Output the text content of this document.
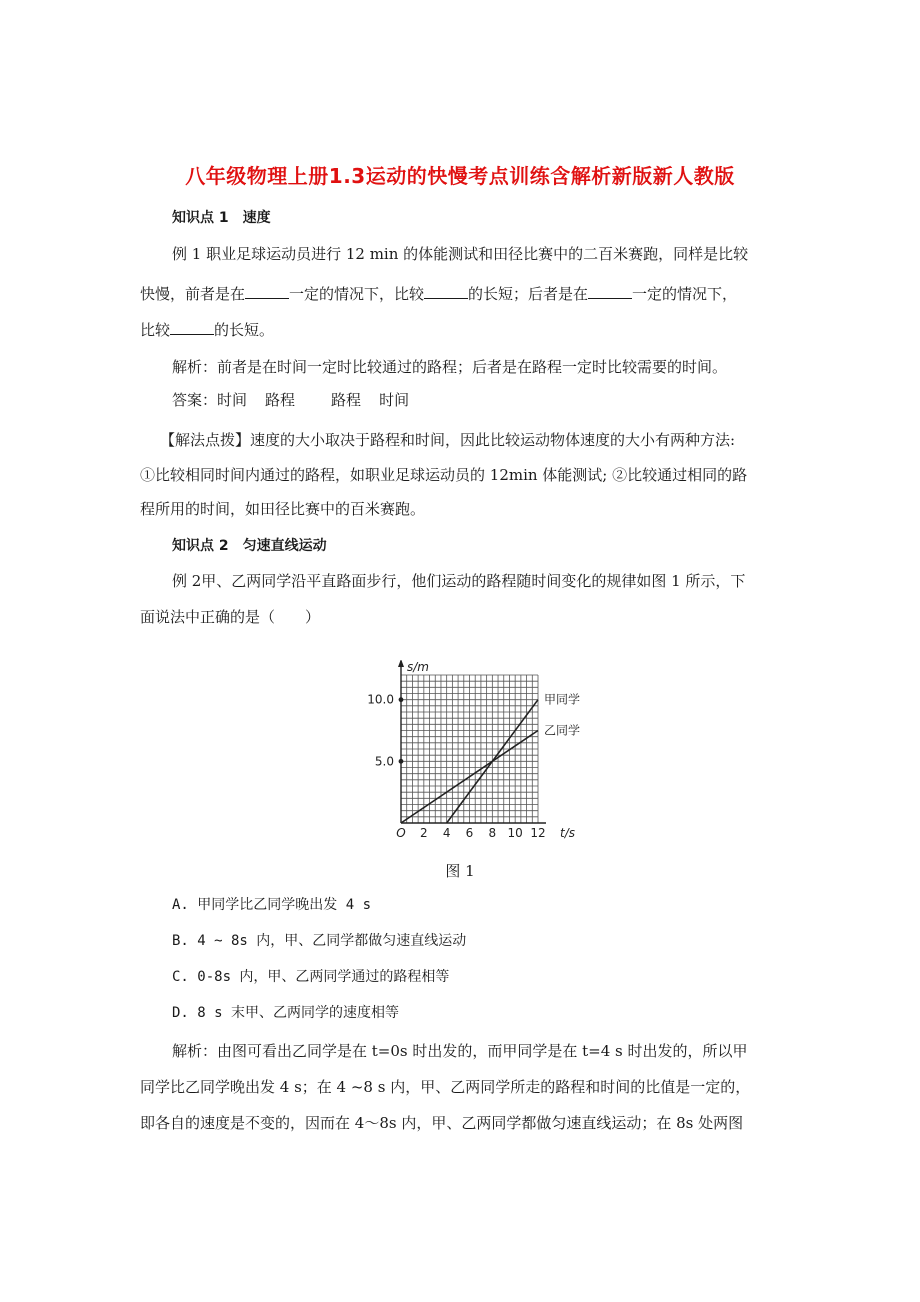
八年级物理上册1.3运动的快慢考点训练含解析新版新人教版
知识点 1　速度
例 1 职业足球运动员进行 12 min 的体能测试和田径比赛中的二百米赛跑，同样是比较
快慢，前者是在	一定的情况下，比较	的长短；后者是在	一定的情况下，
比较	的长短。
解析：前者是在时间一定时比较通过的路程；后者是在路程一定时比较需要的时间。
答案：时间 路程 路程 时间
【解法点拨】速度的大小取决于路程和时间，因此比较运动物体速度的大小有两种方法:
①比较相同时间内通过的路程，如职业足球运动员的 12min 体能测试; ②比较通过相同的路
程所用的时间，如田径比赛中的百米赛跑。
知识点 2　匀速直线运动
例 2甲、乙两同学沿平直路面步行，他们运动的路程随时间变化的规律如图 1 所示，下
面说法中正确的是（　　）
甲同学
乙同学
5.0
10.0
O 2 4 6 8 10 12 t/s
s/m
图 1
A. 甲同学比乙同学晚出发 4 s
B. 4 ~ 8s 内，甲、乙同学都做匀速直线运动
C. 0-8s 内，甲、乙两同学通过的路程相等
D. 8 s 末甲、乙两同学的速度相等
解析：由图可看出乙同学是在 t=0s 时出发的，而甲同学是在 t=4 s 时出发的，所以甲
同学比乙同学晚出发 4 s；在 4 ~8 s 内，甲、乙两同学所走的路程和时间的比值是一定的，
即各自的速度是不变的，因而在 4～8s 内，甲、乙两同学都做匀速直线运动；在 8s 处两图
